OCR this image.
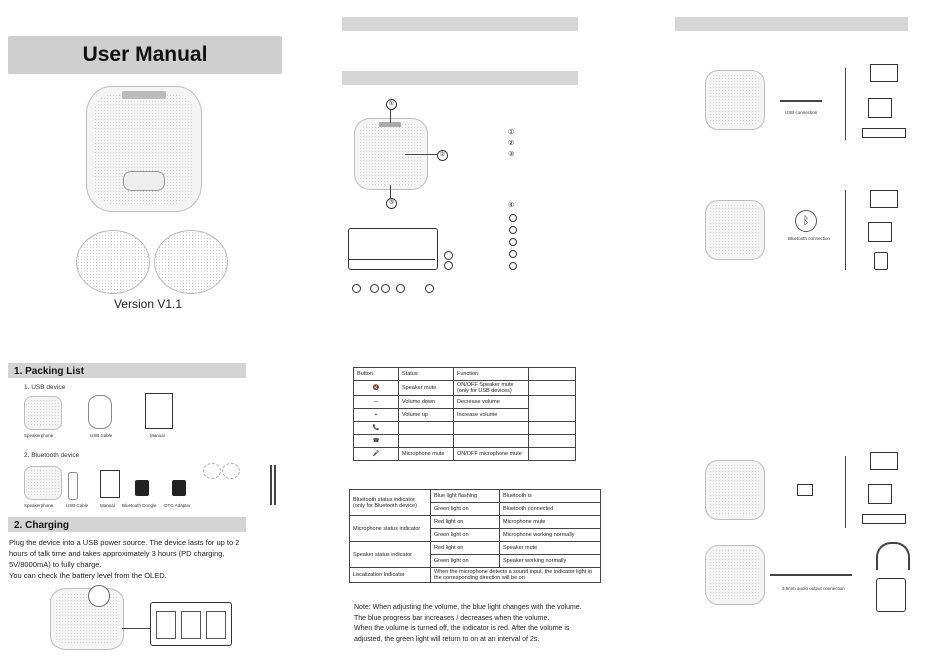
User Manual
Version V1.1
1. Packing List
1. USB device
Speakerphone	USB Cable	Manual
2. Bluetooth device
Speakerphone	USB Cable	Manual Bluetooth Dongle OTG Adapter
2. Charging
Plug the device into a USB power source. The device lasts for up to 2
hours of talk time and takes approximately 3 hours (PD charging,
5V/8000mA) to fully charge.
You can check the battery level from the OLED.
①
②
③
①
②
③
④
Button	Status	Function	
🔇	Speaker mute	ON/OFF Speaker mute (only for USB devices)	
—	Volume down	Decrease volume	
+	Volume up	Increase volume	
📞			
☎			
🎤	Microphone mute	ON/OFF microphone mute	
Bluetooth status indicator (only for Bluetooth device)	Blue light flashing	Bluetooth is
	Green light on	Bluetooth connected
Microphone status indicator	Red light on	Microphone mute
	Green light on	Microphone working normally
Speaker status indicator	Red light on	Speaker mute
	Green light on	Speaker working normally
Localization Indicator	When the microphone detects a sound input, the indicator light in the corresponding direction will be on	
Note: When adjusting the volume, the blue light changes with the volume.
The blue progress bar increases / decreases when the volume.
When the volume is turned off, the indicator is red. After the volume is
adjusted, the green light will return to on at an interval of 2s.
USB connection
ᛒ
Bluetooth connection
3.5mm audio output connection
